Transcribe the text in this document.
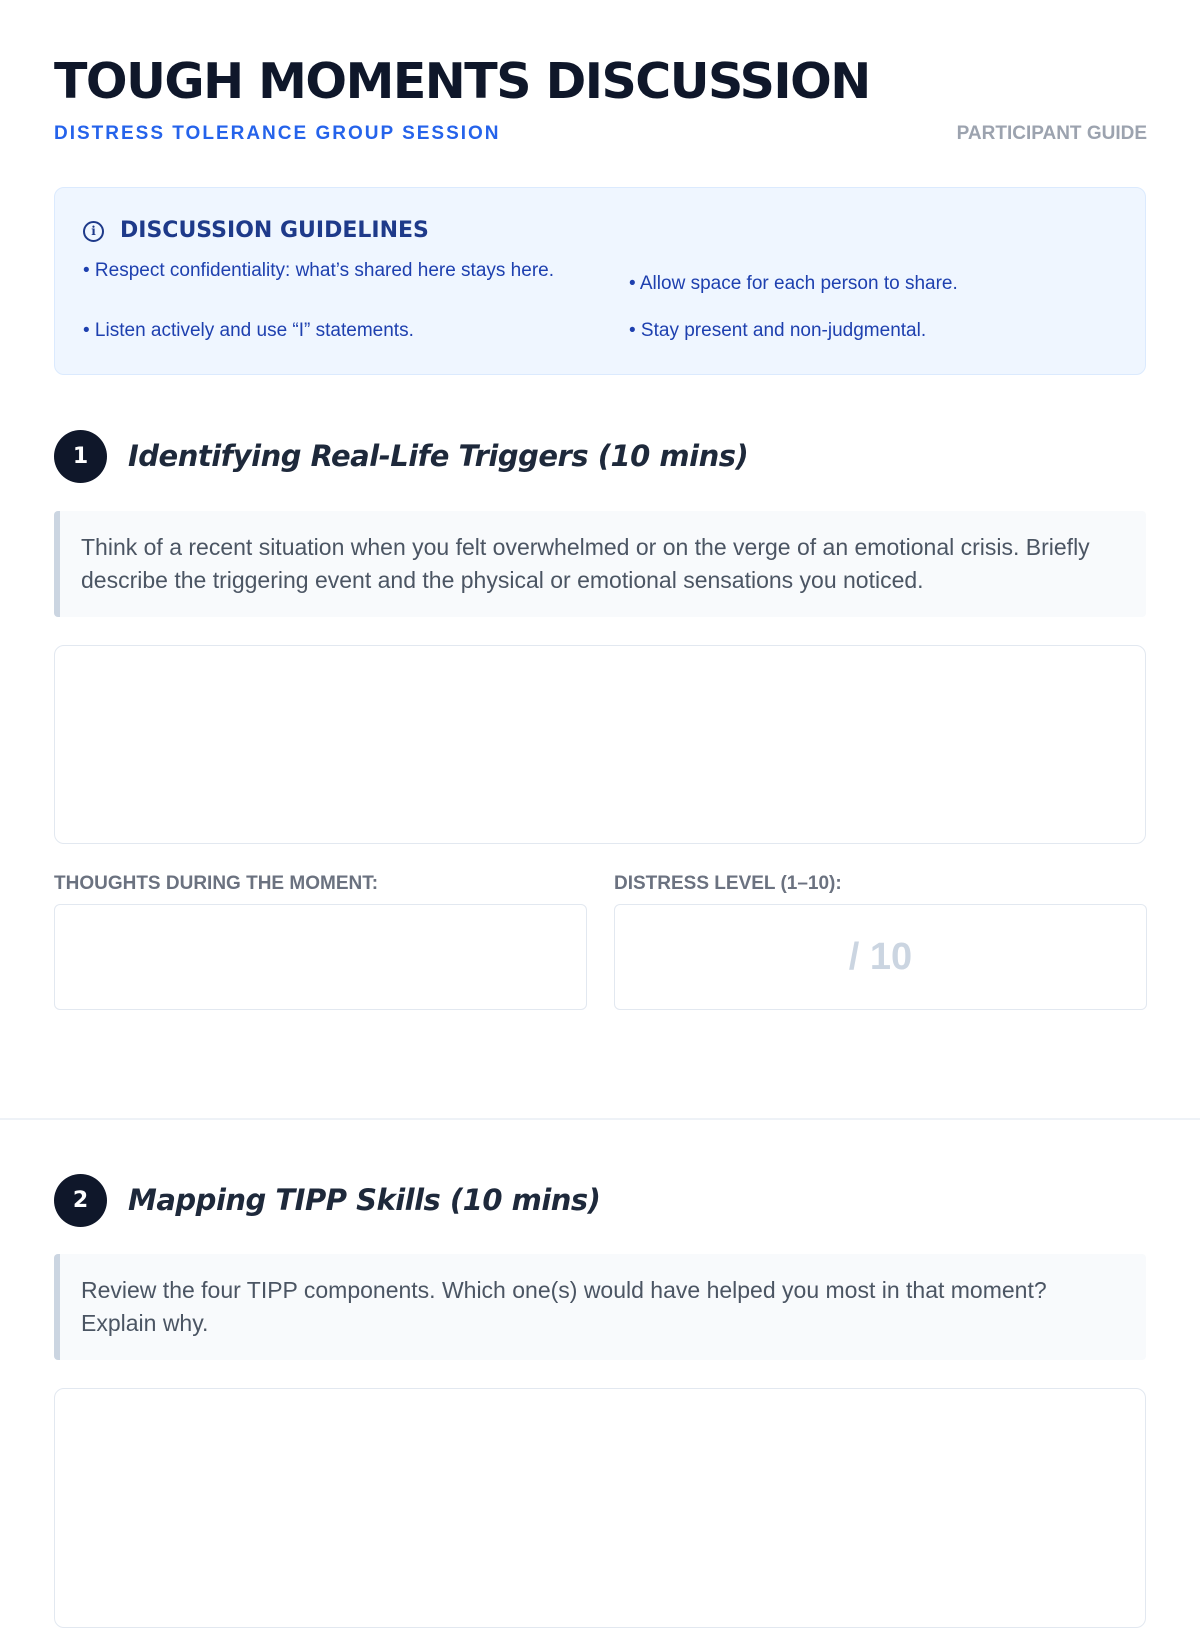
TOUGH MOMENTS DISCUSSION
DISTRESS TOLERANCE GROUP SESSION	PARTICIPANT GUIDE
i	DISCUSSION GUIDELINES
• Respect confidentiality: what’s shared here stays here.
• Allow space for each person to share.
• Listen actively and use “I” statements.	• Stay present and non-judgmental.
1	Identifying Real-Life Triggers (10 mins)
Think of a recent situation when you felt overwhelmed or on the verge of an emotional crisis. Briefly describe the triggering event and the physical or emotional sensations you noticed.
THOUGHTS DURING THE MOMENT:	DISTRESS LEVEL (1–10):
/ 10
2	Mapping TIPP Skills (10 mins)
Review the four TIPP components. Which one(s) would have helped you most in that moment? Explain why.
